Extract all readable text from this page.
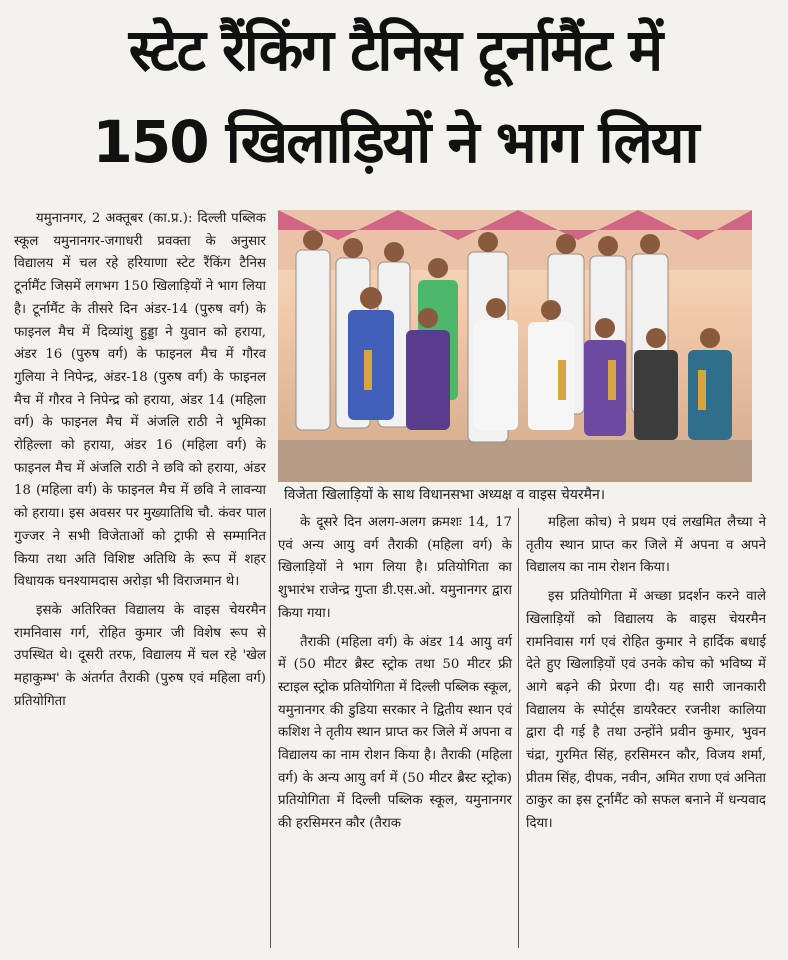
स्टेट रैंकिंग टैनिस टूर्नामैंट में
150 खिलाड़ियों ने भाग लिया

यमुनानगर, 2 अक्तूबर (का.प्र.): दिल्ली पब्लिक स्कूल यमुनानगर-जगाधरी प्रवक्ता के अनुसार विद्यालय में चल रहे हरियाणा स्टेट रैंकिंग टैनिस टूर्नामैंट जिसमें लगभग 150 खिलाड़ियों ने भाग लिया है। टूर्नामैंट के तीसरे दिन अंडर-14 (पुरुष वर्ग) के फाइनल मैच में दिव्यांशु हुड्डा ने युवान को हराया, अंडर 16 (पुरुष वर्ग) के फाइनल मैच में गौरव गुलिया ने निपेन्द्र, अंडर-18 (पुरुष वर्ग) के फाइनल मैच में गौरव ने निपेन्द्र को हराया, अंडर 14 (महिला वर्ग) के फाइनल मैच में अंजलि राठी ने भूमिका रोहिल्ला को हराया, अंडर 16 (महिला वर्ग) के फाइनल मैच में अंजलि राठी ने छवि को हराया, अंडर 18 (महिला वर्ग) के फाइनल मैच में छवि ने लावन्या को हराया। इस अवसर पर मुख्यातिथि चौ. कंवर पाल गुज्जर ने सभी विजेताओं को ट्राफी से सम्मानित किया तथा अति विशिष्ट अतिथि के रूप में शहर विधायक घनश्यामदास अरोड़ा भी विराजमान थे।

इसके अतिरिक्त विद्यालय के वाइस चेयरमैन रामनिवास गर्ग, रोहित कुमार जी विशेष रूप से उपस्थित थे। दूसरी तरफ, विद्यालय में चल रहे 'खेल महाकुम्भ' के अंतर्गत तैराकी (पुरुष एवं महिला वर्ग) प्रतियोगिता

विजेता खिलाड़ियों के साथ विधानसभा अध्यक्ष व वाइस चेयरमैन।

के दूसरे दिन अलग-अलग क्रमशः 14, 17 एवं अन्य आयु वर्ग तैराकी (महिला वर्ग) के खिलाड़ियों ने भाग लिया है। प्रतियोगिता का शुभारंभ राजेन्द्र गुप्ता डी.एस.ओ. यमुनानगर द्वारा किया गया।

तैराकी (महिला वर्ग) के अंडर 14 आयु वर्ग में (50 मीटर ब्रैस्ट स्ट्रोक तथा 50 मीटर फ्री स्टाइल स्ट्रोक प्रतियोगिता में दिल्ली पब्लिक स्कूल, यमुनानगर की डुडिया सरकार ने द्वितीय स्थान एवं कशिश ने तृतीय स्थान प्राप्त कर जिले में अपना व विद्यालय का नाम रोशन किया है। तैराकी (महिला वर्ग) के अन्य आयु वर्ग में (50 मीटर ब्रैस्ट स्ट्रोक) प्रतियोगिता में दिल्ली पब्लिक स्कूल, यमुनानगर की हरसिमरन कौर (तैराक

महिला कोच) ने प्रथम एवं लखमित लैच्या ने तृतीय स्थान प्राप्त कर जिले में अपना व अपने विद्यालय का नाम रोशन किया।

इस प्रतियोगिता में अच्छा प्रदर्शन करने वाले खिलाड़ियों को विद्यालय के वाइस चेयरमैन रामनिवास गर्ग एवं रोहित कुमार ने हार्दिक बधाई देते हुए खिलाड़ियों एवं उनके कोच को भविष्य में आगे बढ़ने की प्रेरणा दी। यह सारी जानकारी विद्यालय के स्पोर्ट्स डायरैक्टर रजनीश कालिया द्वारा दी गई है तथा उन्होंने प्रवीन कुमार, भुवन चंद्रा, गुरमित सिंह, हरसिमरन कौर, विजय शर्मा, प्रीतम सिंह, दीपक, नवीन, अमित राणा एवं अनिता ठाकुर का इस टूर्नामैंट को सफल बनाने में धन्यवाद दिया।
